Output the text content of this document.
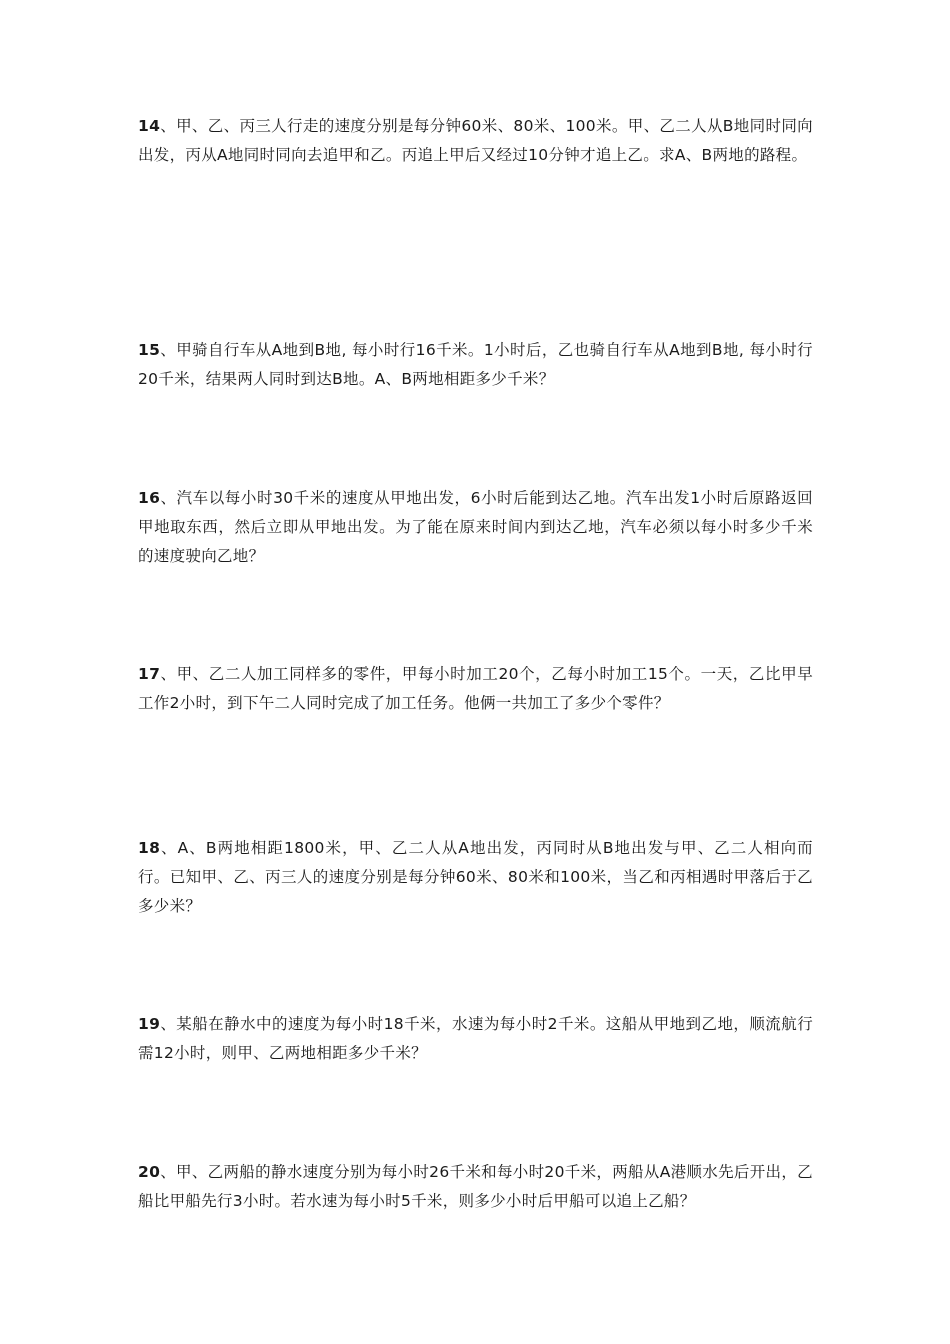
14、甲、乙、丙三人行走的速度分别是每分钟60米、80米、100米。甲、乙二人从B地同时同向出发，丙从A地同时同向去追甲和乙。丙追上甲后又经过10分钟才追上乙。求A、B两地的路程。

15、甲骑自行车从A地到B地, 每小时行16千米。1小时后，乙也骑自行车从A地到B地, 每小时行20千米，结果两人同时到达B地。A、B两地相距多少千米？

16、汽车以每小时30千米的速度从甲地出发，6小时后能到达乙地。汽车出发1小时后原路返回甲地取东西，然后立即从甲地出发。为了能在原来时间内到达乙地，汽车必须以每小时多少千米的速度驶向乙地？

17、甲、乙二人加工同样多的零件，甲每小时加工20个，乙每小时加工15个。一天，乙比甲早工作2小时，到下午二人同时完成了加工任务。他俩一共加工了多少个零件？

18、A、B两地相距1800米，甲、乙二人从A地出发，丙同时从B地出发与甲、乙二人相向而行。已知甲、乙、丙三人的速度分别是每分钟60米、80米和100米，当乙和丙相遇时甲落后于乙多少米？

19、某船在静水中的速度为每小时18千米，水速为每小时2千米。这船从甲地到乙地，顺流航行需12小时，则甲、乙两地相距多少千米？

20、甲、乙两船的静水速度分别为每小时26千米和每小时20千米，两船从A港顺水先后开出，乙船比甲船先行3小时。若水速为每小时5千米，则多少小时后甲船可以追上乙船？
